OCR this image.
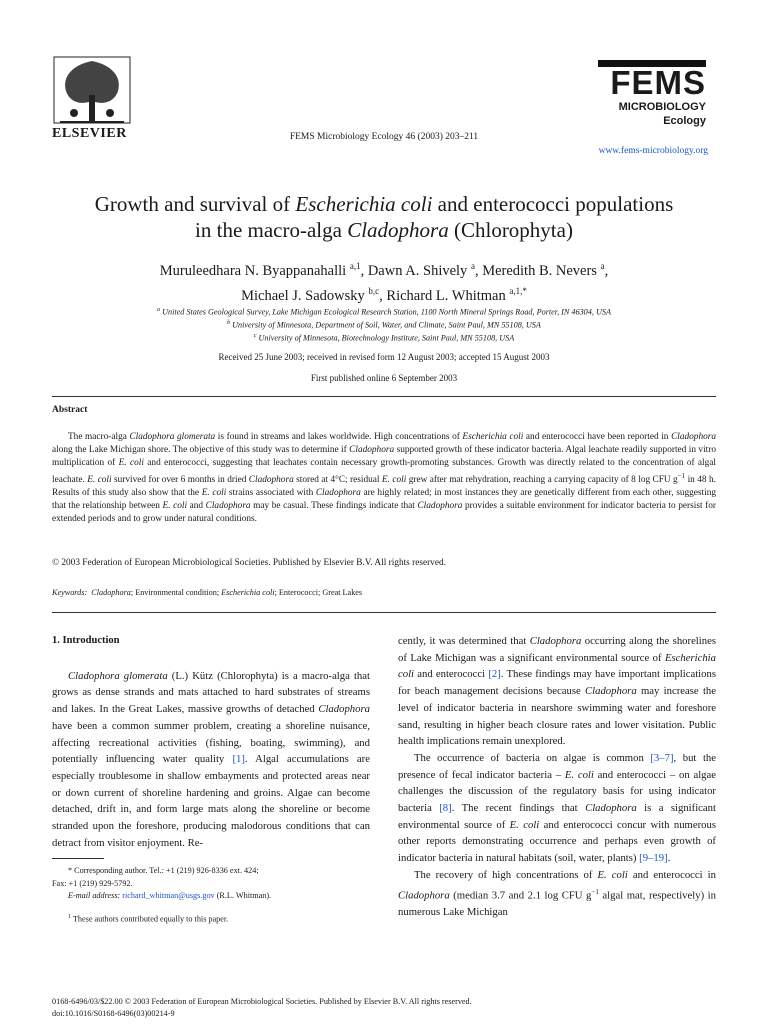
ELSEVIER	FEMS Microbiology Ecology 46 (2003) 203–211
FEMS
MICROBIOLOGY
Ecology
www.fems-microbiology.org
Growth and survival of Escherichia coli and enterococci populations
in the macro-alga Cladophora (Chlorophyta)
Muruleedhara N. Byappanahalli $^{a,1}$, Dawn A. Shively $^a$, Meredith B. Nevers $^a$,
Michael J. Sadowsky $^{b,c}$, Richard L. Whitman $^{a,1,*}$
$^a$ United States Geological Survey, Lake Michigan Ecological Research Station, 1100 North Mineral Springs Road, Porter, IN 46304, USA
$^b$ University of Minnesota, Department of Soil, Water, and Climate, Saint Paul, MN 55108, USA
$^c$ University of Minnesota, Biotechnology Institute, Saint Paul, MN 55108, USA
Received 25 June 2003; received in revised form 12 August 2003; accepted 15 August 2003
First published online 6 September 2003
Abstract
The macro-alga Cladophora glomerata is found in streams and lakes worldwide. High concentrations of Escherichia coli and enterococci have been reported in Cladophora along the Lake Michigan shore. The objective of this study was to determine if Cladophora supported growth of these indicator bacteria. Algal leachate readily supported in vitro multiplication of E. coli and enterococci, suggesting that leachates contain necessary growth-promoting substances. Growth was directly related to the concentration of algal leachate. E. coli survived for over 6 months in dried Cladophora stored at 4°C; residual E. coli grew after mat rehydration, reaching a carrying capacity of 8 log CFU $g^{-1}$ in 48 h. Results of this study also show that the E. coli strains associated with Cladophora are highly related; in most instances they are genetically different from each other, suggesting that the relationship between E. coli and Cladophora may be casual. These findings indicate that Cladophora provides a suitable environment for indicator bacteria to persist for extended periods and to grow under natural conditions.
© 2003 Federation of European Microbiological Societies. Published by Elsevier B.V. All rights reserved.
Keywords: Cladophora; Environmental condition; Escherichia coli; Enterococci; Great Lakes
1. Introduction

Cladophora glomerata (L.) Kütz (Chlorophyta) is a macro-alga that grows as dense strands and mats attached to hard substrates of streams and lakes. In the Great Lakes, massive growths of detached Cladophora have been a common summer problem, creating a shoreline nuisance, affecting recreational activities (fishing, boating, swimming), and potentially influencing water quality [1]. Algal accumulations are especially troublesome in shallow embayments and protected areas near or down current of shoreline hardening and groins. Algae can become detached, drift in, and form large mats along the shoreline or become stranded upon the foreshore, producing malodorous conditions that can detract from visitor enjoyment. Re-

* Corresponding author. Tel.: +1 (219) 926-8336 ext. 424;
Fax: +1 (219) 929-5792.
E-mail address: richard_whitman@usgs.gov (R.L. Whitman).
$^1$ These authors contributed equally to this paper.

cently, it was determined that Cladophora occurring along the shorelines of Lake Michigan was a significant environmental source of Escherichia coli and enterococci [2]. These findings may have important implications for beach management decisions because Cladophora may increase the level of indicator bacteria in nearshore swimming water and foreshore sand, resulting in higher beach closure rates and lower visitation. Public health implications remain unexplored.

The occurrence of bacteria on algae is common [3–7], but the presence of fecal indicator bacteria – E. coli and enterococci – on algae challenges the discussion of the regulatory basis for using indicator bacteria [8]. The recent findings that Cladophora is a significant environmental source of E. coli and enterococci concur with numerous other reports demonstrating occurrence and perhaps even growth of indicator bacteria in natural habitats (soil, water, plants) [9–19].

The recovery of high concentrations of E. coli and enterococci in Cladophora (median 3.7 and 2.1 log CFU $g^{-1}$ algal mat, respectively) in numerous Lake Michigan

0168-6496/03/$22.00 © 2003 Federation of European Microbiological Societies. Published by Elsevier B.V. All rights reserved.
doi:10.1016/S0168-6496(03)00214-9
